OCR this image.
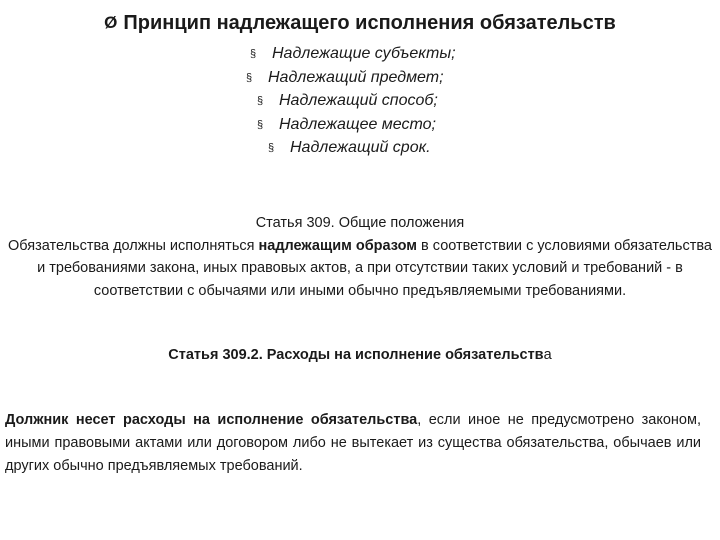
Ø Принцип надлежащего исполнения обязательств
§ Надлежащие субъекты;
§ Надлежащий предмет;
§ Надлежащий способ;
§ Надлежащее место;
§ Надлежащий срок.
Статья 309. Общие положения
Обязательства должны исполняться надлежащим образом в соответствии с условиями обязательства и требованиями закона, иных правовых актов, а при отсутствии таких условий и требований - в соответствии с обычаями или иными обычно предъявляемыми требованиями.
Статья 309.2. Расходы на исполнение обязательства
Должник несет расходы на исполнение обязательства, если иное не предусмотрено законом, иными правовыми актами или договором либо не вытекает из существа обязательства, обычаев или других обычно предъявляемых требований.
